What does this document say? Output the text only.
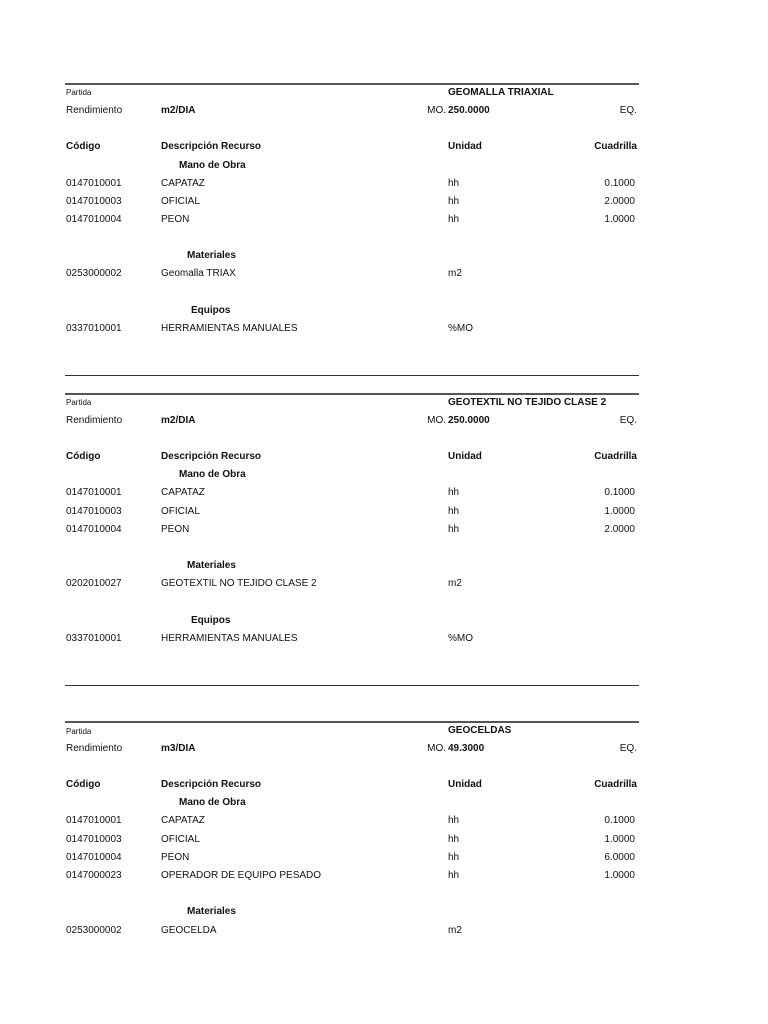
Partida	GEOMALLA TRIAXIAL
Rendimiento	m2/DIA	MO. 250.0000	EQ.
Código	Descripción Recurso	Unidad	Cuadrilla
Mano de Obra
0147010001	CAPATAZ	hh	0.1000
0147010003	OFICIAL	hh	2.0000
0147010004	PEON	hh	1.0000
Materiales
0253000002	Geomalla TRIAX	m2
Equipos
0337010001	HERRAMIENTAS MANUALES	%MO
Partida	GEOTEXTIL NO TEJIDO CLASE 2
Rendimiento	m2/DIA	MO. 250.0000	EQ.
Código	Descripción Recurso	Unidad	Cuadrilla
Mano de Obra
0147010001	CAPATAZ	hh	0.1000
0147010003	OFICIAL	hh	1.0000
0147010004	PEON	hh	2.0000
Materiales
0202010027	GEOTEXTIL NO TEJIDO CLASE 2	m2
Equipos
0337010001	HERRAMIENTAS MANUALES	%MO
Partida	GEOCELDAS
Rendimiento	m3/DIA	MO. 49.3000	EQ.
Código	Descripción Recurso	Unidad	Cuadrilla
Mano de Obra
0147010001	CAPATAZ	hh	0.1000
0147010003	OFICIAL	hh	1.0000
0147010004	PEON	hh	6.0000
0147000023	OPERADOR DE EQUIPO PESADO	hh	1.0000
Materiales
0253000002	GEOCELDA	m2
